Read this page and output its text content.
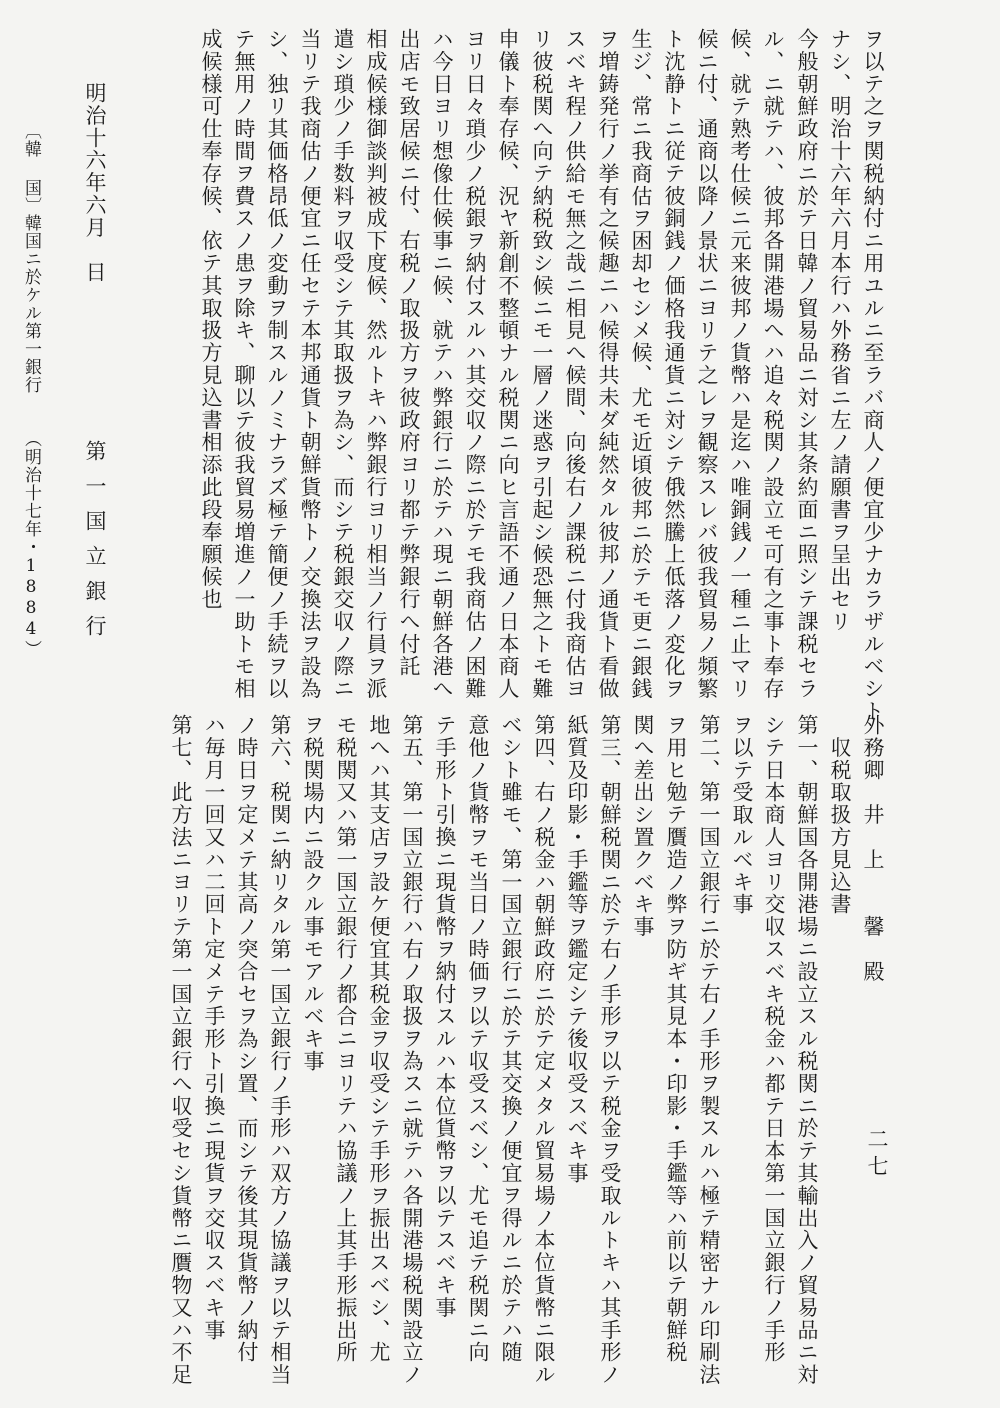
ヲ以テ之ヲ関税納付ニ用ユルニ至ラバ商人ノ便宜少ナカラザルベシト
ナシ、明治十六年六月本行ハ外務省ニ左ノ請願書ヲ呈出セリ
今般朝鮮政府ニ於テ日韓ノ貿易品ニ対シ其条約面ニ照シテ課税セラ
ル、ニ就テハ、彼邦各開港場へハ追々税関ノ設立モ可有之事ト奉存
候、就テ熟考仕候ニ元来彼邦ノ貨幣ハ是迄ハ唯銅銭ノ一種ニ止マリ
候ニ付、通商以降ノ景状ニヨリテ之レヲ観察スレバ彼我貿易ノ頻繁
ト沈静トニ従テ彼銅銭ノ価格我通貨ニ対シテ俄然騰上低落ノ変化ヲ
生ジ、常ニ我商估ヲ困却セシメ候、尤モ近頃彼邦ニ於テモ更ニ銀銭
ヲ増鋳発行ノ挙有之候趣ニハ候得共未ダ純然タル彼邦ノ通貨ト看做
スベキ程ノ供給モ無之哉ニ相見へ候間、向後右ノ課税ニ付我商估ヨ
リ彼税関へ向テ納税致シ候ニモ一層ノ迷惑ヲ引起シ候恐無之トモ難
申儀ト奉存候、況ヤ新創不整頓ナル税関ニ向ヒ言語不通ノ日本商人
ヨリ日々瑣少ノ税銀ヲ納付スルハ其交収ノ際ニ於テモ我商估ノ困難
ハ今日ヨリ想像仕候事ニ候、就テハ弊銀行ニ於テハ現ニ朝鮮各港へ
出店モ致居候ニ付、右税ノ取扱方ヲ彼政府ヨリ都テ弊銀行へ付託
相成候様御談判被成下度候、然ルトキハ弊銀行ヨリ相当ノ行員ヲ派
遣シ瑣少ノ手数料ヲ収受シテ其取扱ヲ為シ、而シテ税銀交収ノ際ニ
当リテ我商估ノ便宜ニ任セテ本邦通貨ト朝鮮貨幣トノ交換法ヲ設為
シ、独リ其価格昂低ノ変動ヲ制スルノミナラズ極テ簡便ノ手続ヲ以
テ無用ノ時間ヲ費スノ患ヲ除キ、聊以テ彼我貿易増進ノ一助トモ相
成候様可仕奉存候、依テ其取扱方見込書相添此段奉願候也
明治十六年六月　日
第一国立銀行
〔韓 国〕
韓国ニ於ケル第一銀行
（明治十七年・1884）
外務卿　井　上　　馨　殿
　収税取扱方見込書
第一、朝鮮国各開港場ニ設立スル税関ニ於テ其輸出入ノ貿易品ニ対
シテ日本商人ヨリ交収スベキ税金ハ都テ日本第一国立銀行ノ手形
ヲ以テ受取ルベキ事
第二、第一国立銀行ニ於テ右ノ手形ヲ製スルハ極テ精密ナル印刷法
ヲ用ヒ勉テ贋造ノ弊ヲ防ギ其見本・印影・手鑑等ハ前以テ朝鮮税
関へ差出シ置クベキ事
第三、朝鮮税関ニ於テ右ノ手形ヲ以テ税金ヲ受取ルトキハ其手形ノ
紙質及印影・手鑑等ヲ鑑定シテ後収受スベキ事
第四、右ノ税金ハ朝鮮政府ニ於テ定メタル貿易場ノ本位貨幣ニ限ル
ベシト雖モ、第一国立銀行ニ於テ其交換ノ便宜ヲ得ルニ於テハ随
意他ノ貨幣ヲモ当日ノ時価ヲ以テ収受スベシ、尤モ追テ税関ニ向
テ手形ト引換ニ現貨幣ヲ納付スルハ本位貨幣ヲ以テスベキ事
第五、第一国立銀行ハ右ノ取扱ヲ為スニ就テハ各開港場税関設立ノ
地へハ其支店ヲ設ケ便宜其税金ヲ収受シテ手形ヲ振出スベシ、尤
モ税関又ハ第一国立銀行ノ都合ニヨリテハ協議ノ上其手形振出所
ヲ税関場内ニ設クル事モアルベキ事
第六、税関ニ納リタル第一国立銀行ノ手形ハ双方ノ協議ヲ以テ相当
ノ時日ヲ定メテ其高ノ突合セヲ為シ置、而シテ後其現貨幣ノ納付
ハ毎月一回又ハ二回ト定メテ手形ト引換ニ現貨ヲ交収スベキ事
第七、此方法ニヨリテ第一国立銀行へ収受セシ貨幣ニ贋物又ハ不足	二七
